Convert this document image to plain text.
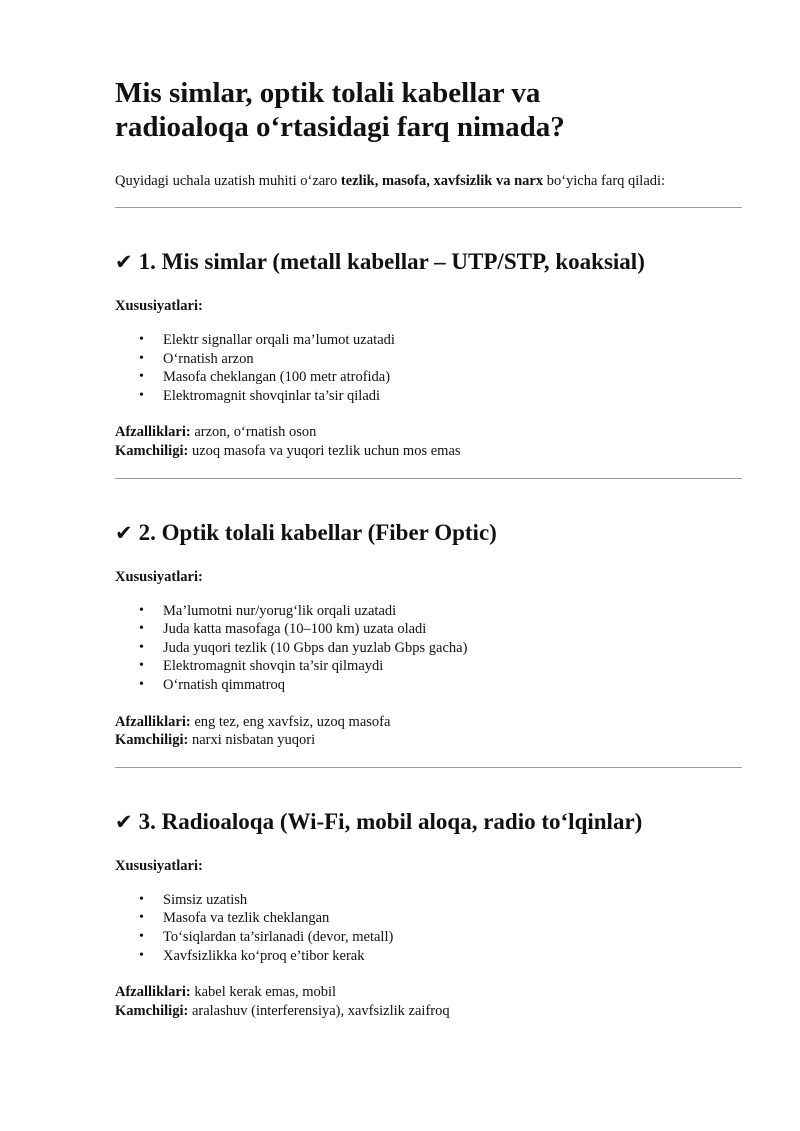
Mis simlar, optik tolali kabellar va radioaloqa o‘rtasidagi farq nimada?

Quyidagi uchala uzatish muhiti o‘zaro tezlik, masofa, xavfsizlik va narx bo‘yicha farq qiladi:

✔ 1. Mis simlar (metall kabellar – UTP/STP, koaksial)

Xususiyatlari:

• Elektr signallar orqali ma’lumot uzatadi
• O‘rnatish arzon
• Masofa cheklangan (100 metr atrofida)
• Elektromagnit shovqinlar ta’sir qiladi

Afzalliklari: arzon, o‘rnatish oson

Kamchiligi: uzoq masofa va yuqori tezlik uchun mos emas

✔ 2. Optik tolali kabellar (Fiber Optic)

Xususiyatlari:

• Ma’lumotni nur/yorug‘lik orqali uzatadi
• Juda katta masofaga (10–100 km) uzata oladi
• Juda yuqori tezlik (10 Gbps dan yuzlab Gbps gacha)
• Elektromagnit shovqin ta’sir qilmaydi
• O‘rnatish qimmatroq

Afzalliklari: eng tez, eng xavfsiz, uzoq masofa

Kamchiligi: narxi nisbatan yuqori

✔ 3. Radioaloqa (Wi-Fi, mobil aloqa, radio to‘lqinlar)

Xususiyatlari:

• Simsiz uzatish
• Masofa va tezlik cheklangan
• To‘siqlardan ta’sirlanadi (devor, metall)
• Xavfsizlikka ko‘proq e’tibor kerak

Afzalliklari: kabel kerak emas, mobil

Kamchiligi: aralashuv (interferensiya), xavfsizlik zaifroq
